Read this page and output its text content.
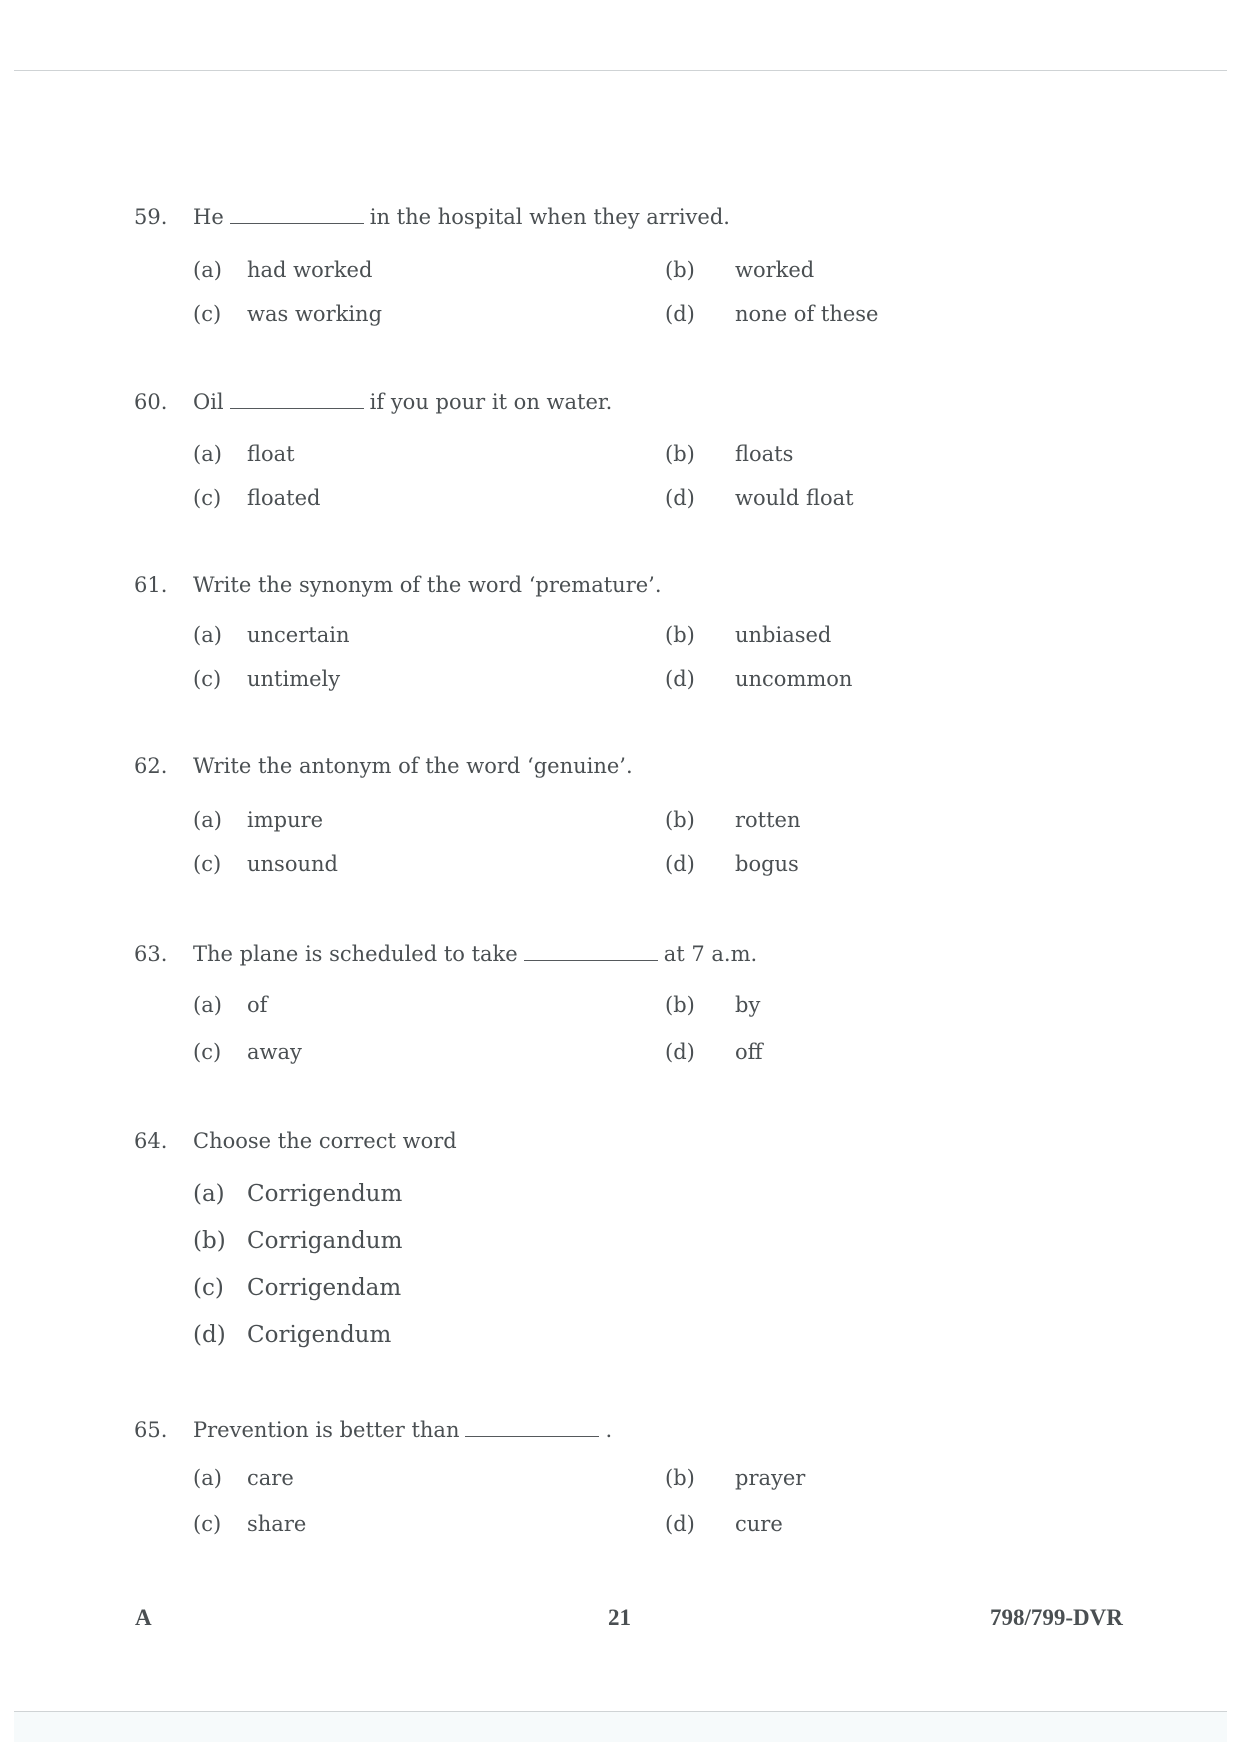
59. He	in the hospital when they arrived.
(a) had worked	(b) worked
(c) was working	(d) none of these
60. Oil	if you pour it on water.
(a) float	(b) floats
(c) floated	(d) would float
61. Write the synonym of the word ‘premature’.
(a) uncertain	(b) unbiased
(c) untimely	(d) uncommon
62. Write the antonym of the word ‘genuine’.
(a) impure	(b) rotten
(c) unsound	(d) bogus
63. The plane is scheduled to take	at 7 a.m.
(a) of	(b) by
(c) away	(d) off
64. Choose the correct word
(a) Corrigendum
(b) Corrigandum
(c) Corrigendam
(d) Corigendum
65. Prevention is better than	.
(a) care	(b) prayer
(c) share	(d) cure
A	21	798/799-DVR
